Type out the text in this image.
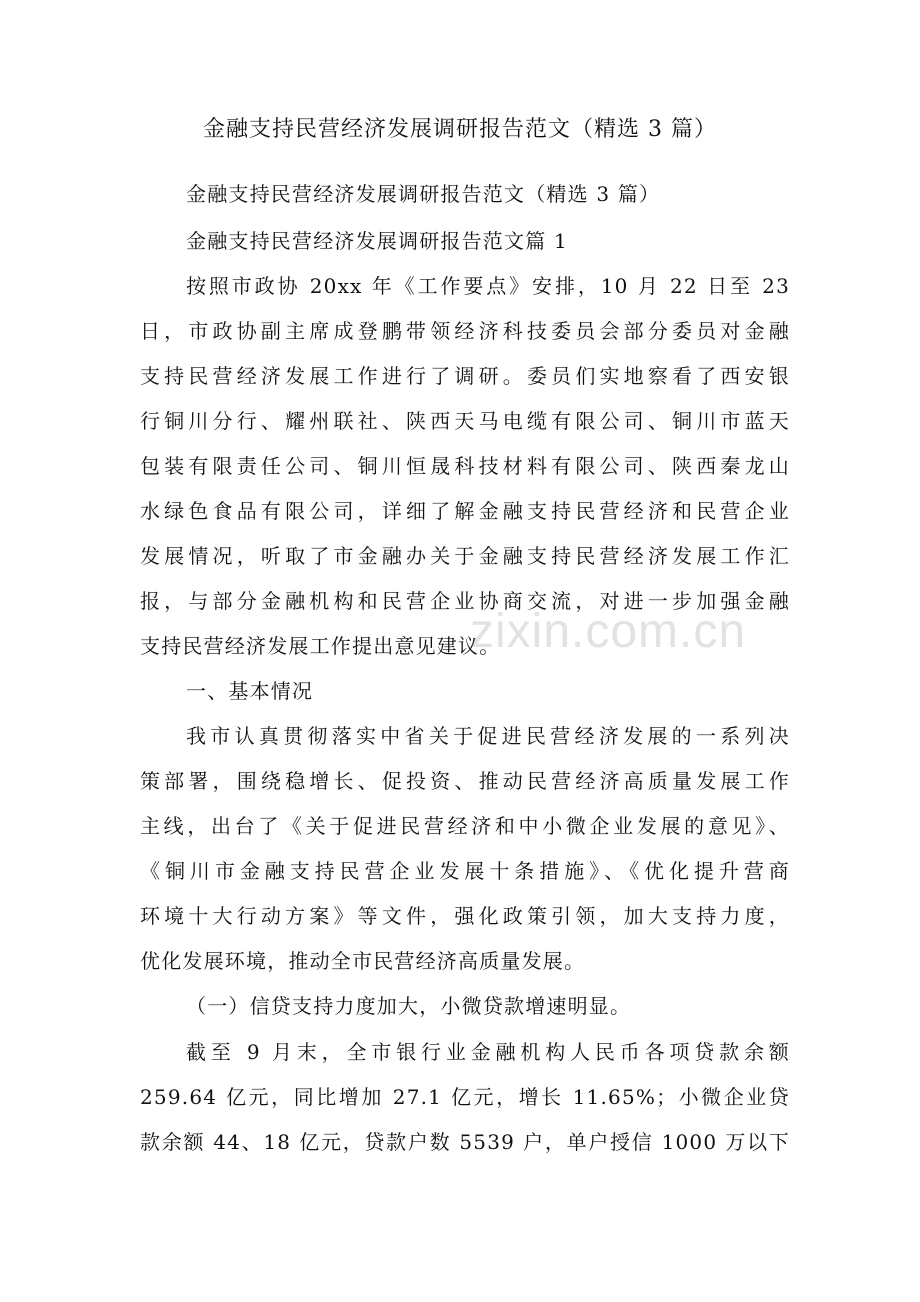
金融支持民营经济发展调研报告范文（精选 3 篇）
金融支持民营经济发展调研报告范文（精选 3 篇）
金融支持民营经济发展调研报告范文篇 1
按照市政协 20xx 年《工作要点》安排，10 月 22 日至 23
日，市政协副主席成登鹏带领经济科技委员会部分委员对金融
支持民营经济发展工作进行了调研。委员们实地察看了西安银
行铜川分行、耀州联社、陕西天马电缆有限公司、铜川市蓝天
包装有限责任公司、铜川恒晟科技材料有限公司、陕西秦龙山
水绿色食品有限公司，详细了解金融支持民营经济和民营企业
发展情况，听取了市金融办关于金融支持民营经济发展工作汇
报，与部分金融机构和民营企业协商交流，对进一步加强金融
支持民营经济发展工作提出意见建议。
一、基本情况
我市认真贯彻落实中省关于促进民营经济发展的一系列决
策部署，围绕稳增长、促投资、推动民营经济高质量发展工作
主线，出台了《关于促进民营经济和中小微企业发展的意见》、
《铜川市金融支持民营企业发展十条措施》、《优化提升营商
环境十大行动方案》等文件，强化政策引领，加大支持力度，
优化发展环境，推动全市民营经济高质量发展。
（一）信贷支持力度加大，小微贷款增速明显。
截至 9 月末，全市银行业金融机构人民币各项贷款余额
259.64 亿元，同比增加 27.1 亿元，增长 11.65%；小微企业贷
款余额 44、18 亿元，贷款户数 5539 户，单户授信 1000 万以下
zixin.com.cn
